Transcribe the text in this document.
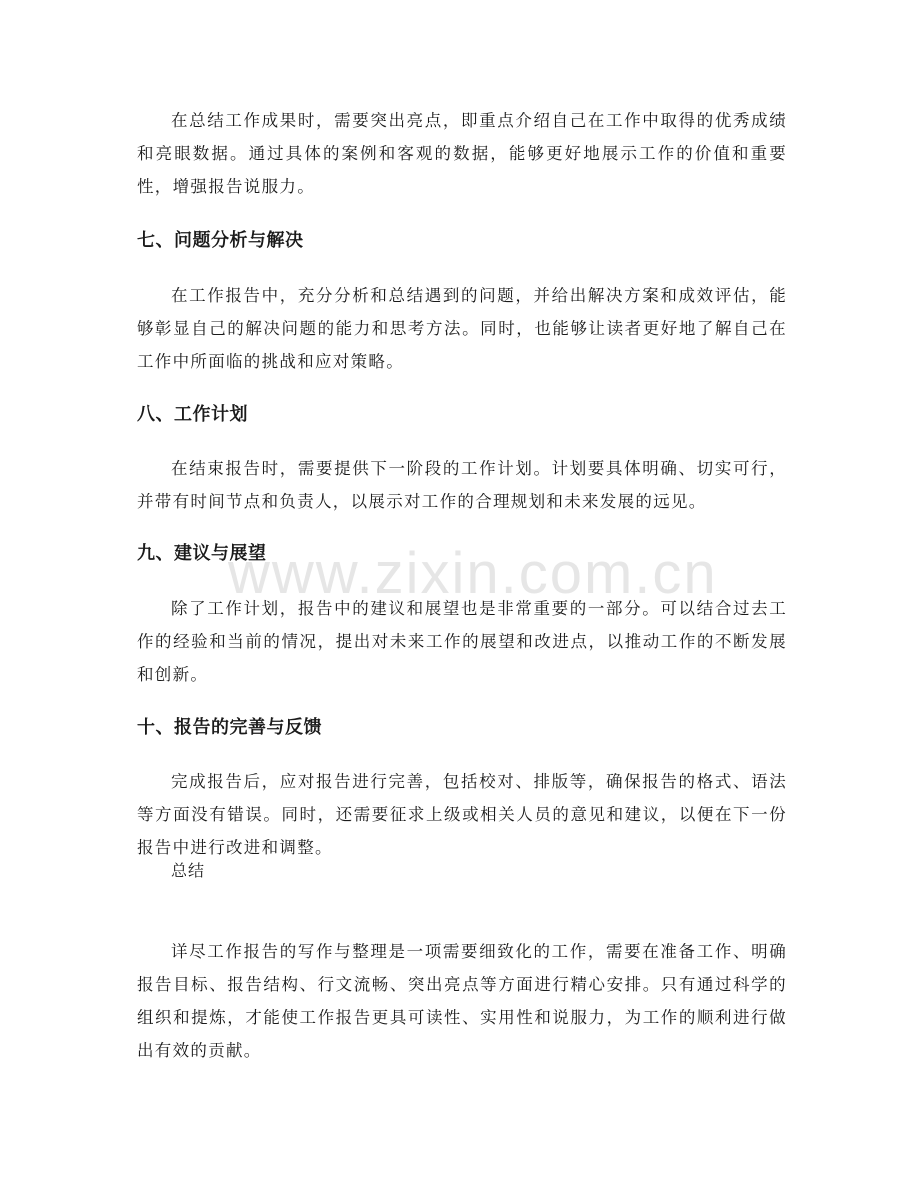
www.zixin.com.cn

在总结工作成果时，需要突出亮点，即重点介绍自己在工作中取得的优秀成绩和亮眼数据。通过具体的案例和客观的数据，能够更好地展示工作的价值和重要性，增强报告说服力。

七、问题分析与解决

在工作报告中，充分分析和总结遇到的问题，并给出解决方案和成效评估，能够彰显自己的解决问题的能力和思考方法。同时，也能够让读者更好地了解自己在工作中所面临的挑战和应对策略。

八、工作计划

在结束报告时，需要提供下一阶段的工作计划。计划要具体明确、切实可行，并带有时间节点和负责人，以展示对工作的合理规划和未来发展的远见。

九、建议与展望

除了工作计划，报告中的建议和展望也是非常重要的一部分。可以结合过去工作的经验和当前的情况，提出对未来工作的展望和改进点，以推动工作的不断发展和创新。

十、报告的完善与反馈

完成报告后，应对报告进行完善，包括校对、排版等，确保报告的格式、语法等方面没有错误。同时，还需要征求上级或相关人员的意见和建议，以便在下一份报告中进行改进和调整。

总结

详尽工作报告的写作与整理是一项需要细致化的工作，需要在准备工作、明确报告目标、报告结构、行文流畅、突出亮点等方面进行精心安排。只有通过科学的组织和提炼，才能使工作报告更具可读性、实用性和说服力，为工作的顺利进行做出有效的贡献。
